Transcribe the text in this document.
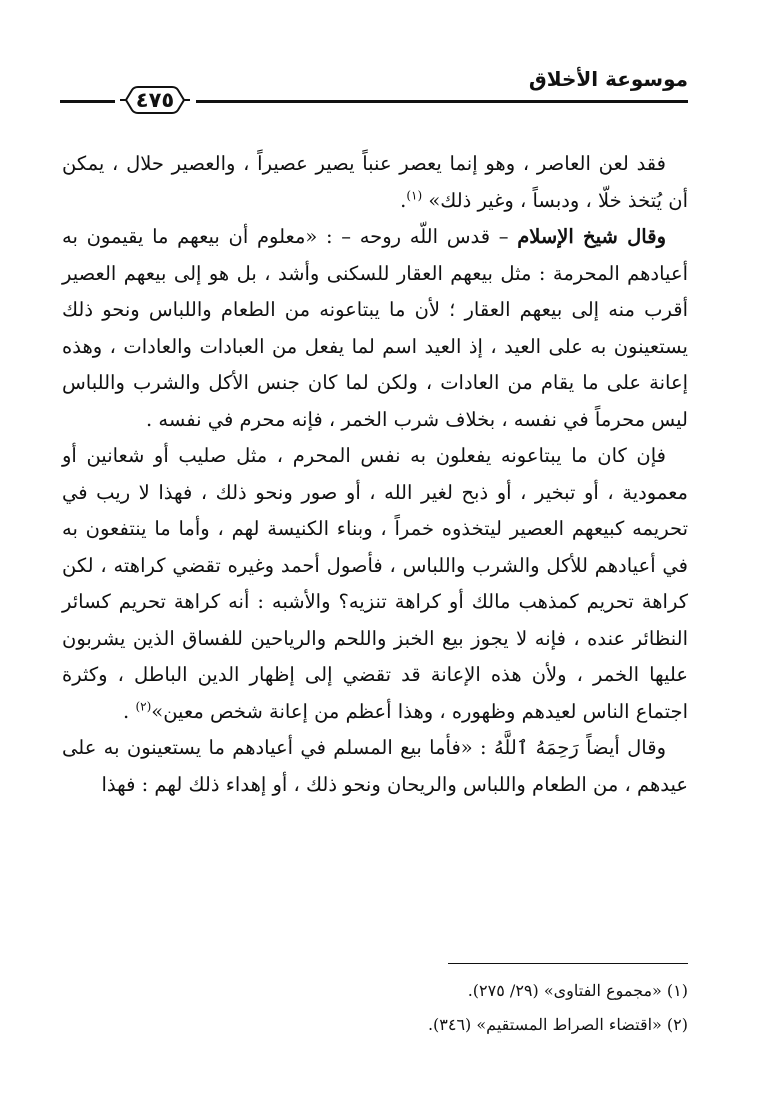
موسوعة الأخلاق
٤٧٥

فقد لعن العاصر ، وهو إنما يعصر عنباً يصير عصيراً ، والعصير حلال ، يمكن أن يُتخذ خلّا ، ودبساً ، وغير ذلك» $^{(١)}$.

وقال شيخ الإسلام – قدس اللّه روحه – : «معلوم أن بيعهم ما يقيمون به أعيادهم المحرمة : مثل بيعهم العقار للسكنى وأشد ، بل هو إلى بيعهم العصير أقرب منه إلى بيعهم العقار ؛ لأن ما يبتاعونه من الطعام واللباس ونحو ذلك يستعينون به على العيد ، إذ العيد اسم لما يفعل من العبادات والعادات ، وهذه إعانة على ما يقام من العادات ، ولكن لما كان جنس الأكل والشرب واللباس ليس محرماً في نفسه ، بخلاف شرب الخمر ، فإنه محرم في نفسه .

فإن كان ما يبتاعونه يفعلون به نفس المحرم ، مثل صليب أو شعانين أو معمودية ، أو تبخير ، أو ذبح لغير الله ، أو صور ونحو ذلك ، فهذا لا ريب في تحريمه كبيعهم العصير ليتخذوه خمراً ، وبناء الكنيسة لهم ، وأما ما ينتفعون به في أعيادهم للأكل والشرب واللباس ، فأصول أحمد وغيره تقضي كراهته ، لكن كراهة تحريم كمذهب مالك أو كراهة تنزيه؟ والأشبه : أنه كراهة تحريم كسائر النظائر عنده ، فإنه لا يجوز بيع الخبز واللحم والرياحين للفساق الذين يشربون عليها الخمر ، ولأن هذه الإعانة قد تقضي إلى إظهار الدين الباطل ، وكثرة اجتماع الناس لعيدهم وظهوره ، وهذا أعظم من إعانة شخص معين»$^{(٢)}$ .

وقال أيضاً رَحِمَهُ ٱللَّهُ : «فأما بيع المسلم في أعيادهم ما يستعينون به على عيدهم ، من الطعام واللباس والريحان ونحو ذلك ، أو إهداء ذلك لهم : فهذا

(١) «مجموع الفتاوى» (٢٩/ ٢٧٥).

(٢) «اقتضاء الصراط المستقيم» (٣٤٦).
